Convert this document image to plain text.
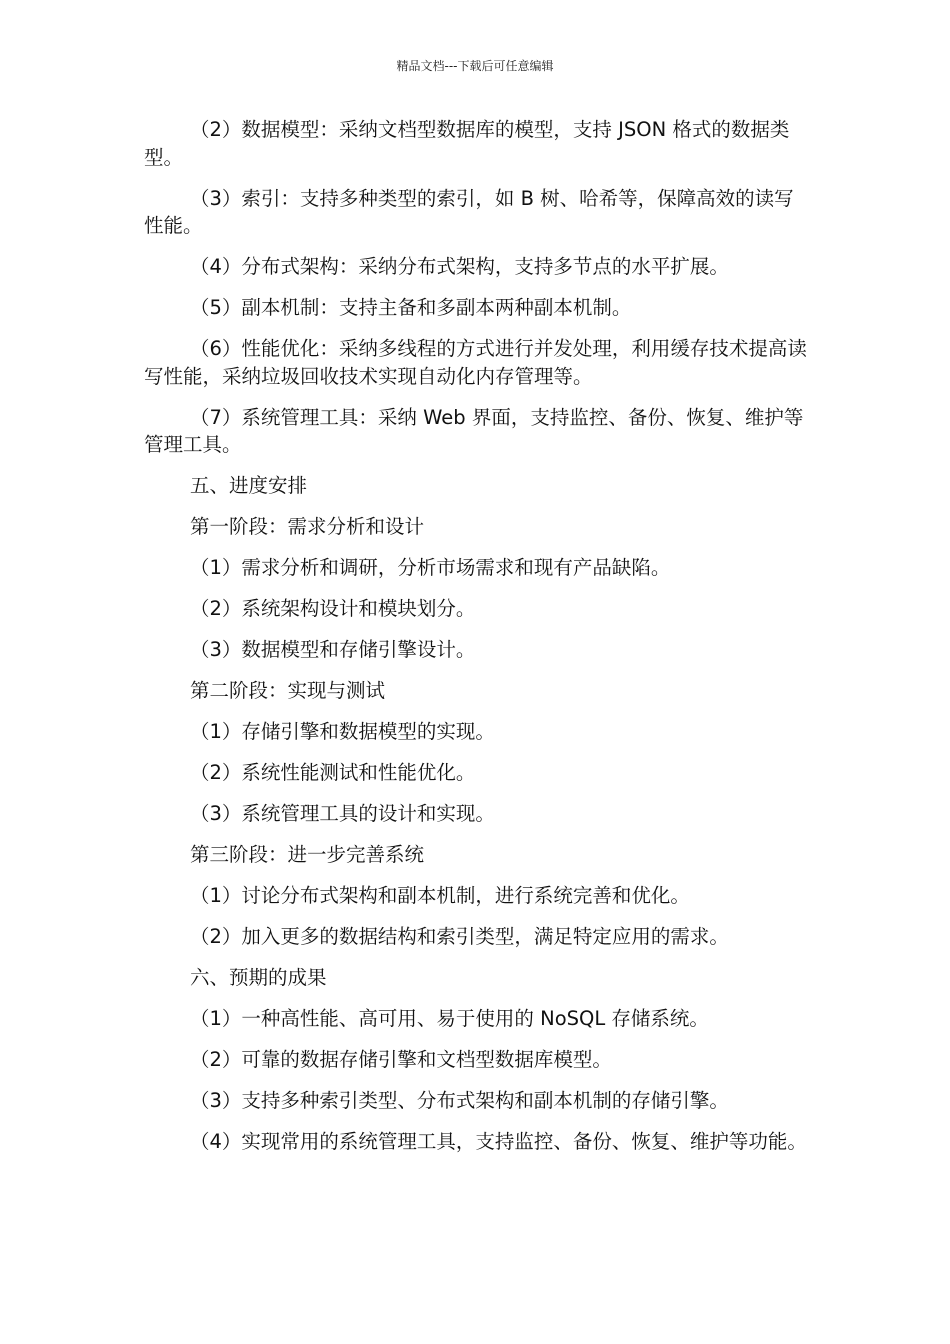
精品文档---下载后可任意编辑

（2）数据模型：采纳文档型数据库的模型，支持 JSON 格式的数据类型。

（3）索引：支持多种类型的索引，如 B 树、哈希等，保障高效的读写性能。

（4）分布式架构：采纳分布式架构，支持多节点的水平扩展。

（5）副本机制：支持主备和多副本两种副本机制。

（6）性能优化：采纳多线程的方式进行并发处理，利用缓存技术提高读写性能，采纳垃圾回收技术实现自动化内存管理等。

（7）系统管理工具：采纳 Web 界面，支持监控、备份、恢复、维护等管理工具。

五、进度安排

第一阶段：需求分析和设计

（1）需求分析和调研，分析市场需求和现有产品缺陷。

（2）系统架构设计和模块划分。

（3）数据模型和存储引擎设计。

第二阶段：实现与测试

（1）存储引擎和数据模型的实现。

（2）系统性能测试和性能优化。

（3）系统管理工具的设计和实现。

第三阶段：进一步完善系统

（1）讨论分布式架构和副本机制，进行系统完善和优化。

（2）加入更多的数据结构和索引类型，满足特定应用的需求。

六、预期的成果

（1）一种高性能、高可用、易于使用的 NoSQL 存储系统。

（2）可靠的数据存储引擎和文档型数据库模型。

（3）支持多种索引类型、分布式架构和副本机制的存储引擎。

（4）实现常用的系统管理工具，支持监控、备份、恢复、维护等功能。
